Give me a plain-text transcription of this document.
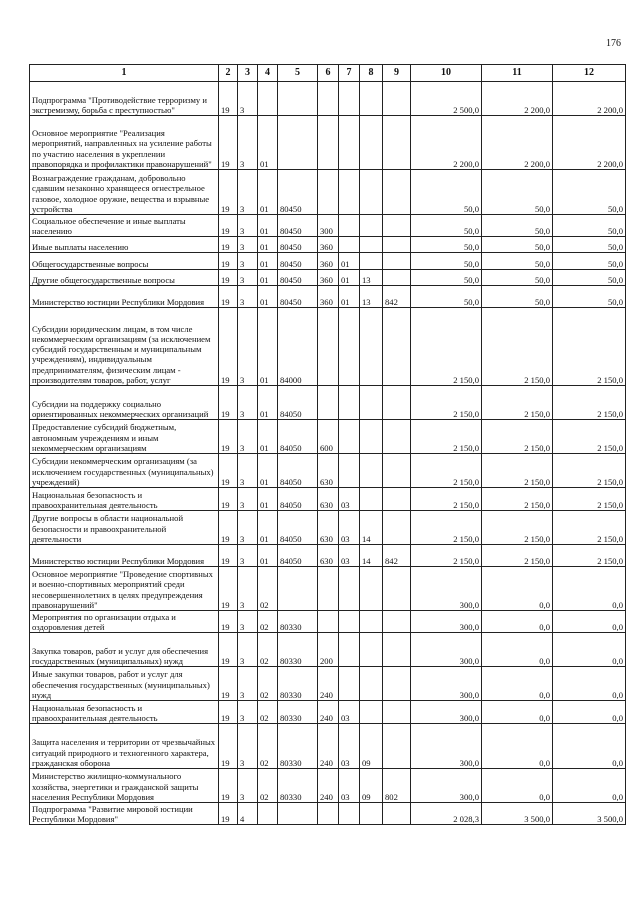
176
1	2	3	4	5	6	7	8	9	10	11	12
Подпрограмма "Противодействие терроризму и экстремизму, борьба с преступностью"	19	3							2 500,0	2 200,0	2 200,0
Основное мероприятие "Реализация мероприятий, направленных на усиление работы по участию населения в укреплении правопорядка и профилактики правонарушений"	19	3	01						2 200,0	2 200,0	2 200,0
Вознаграждение гражданам, добровольно сдавшим незаконно хранящееся огнестрельное газовое, холодное оружие, вещества и взрывные устройства	19	3	01	80450					50,0	50,0	50,0
Социальное обеспечение и иные выплаты населению	19	3	01	80450	300				50,0	50,0	50,0
Иные выплаты населению	19	3	01	80450	360				50,0	50,0	50,0
Общегосударственные вопросы	19	3	01	80450	360	01			50,0	50,0	50,0
Другие общегосударственные вопросы	19	3	01	80450	360	01	13		50,0	50,0	50,0
Министерство юстиции Республики Мордовия	19	3	01	80450	360	01	13	842	50,0	50,0	50,0
Субсидии юридическим лицам, в том числе некоммерческим организациям (за исключением субсидий государственным и муниципальным учреждениям), индивидуальным предпринимателям, физическим лицам - производителям товаров, работ, услуг	19	3	01	84000					2 150,0	2 150,0	2 150,0
Субсидии на поддержку социально ориентированных некоммерческих организаций	19	3	01	84050					2 150,0	2 150,0	2 150,0
Предоставление субсидий бюджетным, автономным учреждениям и иным некоммерческим организациям	19	3	01	84050	600				2 150,0	2 150,0	2 150,0
Субсидии некоммерческим организациям (за исключением государственных (муниципальных) учреждений)	19	3	01	84050	630				2 150,0	2 150,0	2 150,0
Национальная безопасность и правоохранительная деятельность	19	3	01	84050	630	03			2 150,0	2 150,0	2 150,0
Другие вопросы в области национальной безопасности и правоохранительной деятельности	19	3	01	84050	630	03	14		2 150,0	2 150,0	2 150,0
Министерство юстиции Республики Мордовия	19	3	01	84050	630	03	14	842	2 150,0	2 150,0	2 150,0
Основное мероприятие "Проведение спортивных и военно-спортивных мероприятий среди несовершеннолетних в целях предупреждения правонарушений"	19	3	02						300,0	0,0	0,0
Мероприятия по организации отдыха и оздоровления детей	19	3	02	80330					300,0	0,0	0,0
Закупка товаров, работ и услуг для обеспечения государственных (муниципальных) нужд	19	3	02	80330	200				300,0	0,0	0,0
Иные закупки товаров, работ и услуг для обеспечения государственных (муниципальных) нужд	19	3	02	80330	240				300,0	0,0	0,0
Национальная безопасность и правоохранительная деятельность	19	3	02	80330	240	03			300,0	0,0	0,0
Защита населения и территории от чрезвычайных ситуаций природного и техногенного характера, гражданская оборона	19	3	02	80330	240	03	09		300,0	0,0	0,0
Министерство жилищно-коммунального хозяйства, энергетики и гражданской защиты населения Республики Мордовия	19	3	02	80330	240	03	09	802	300,0	0,0	0,0
Подпрограмма "Развитие мировой юстиции Республики Мордовия"	19	4							2 028,3	3 500,0	3 500,0
